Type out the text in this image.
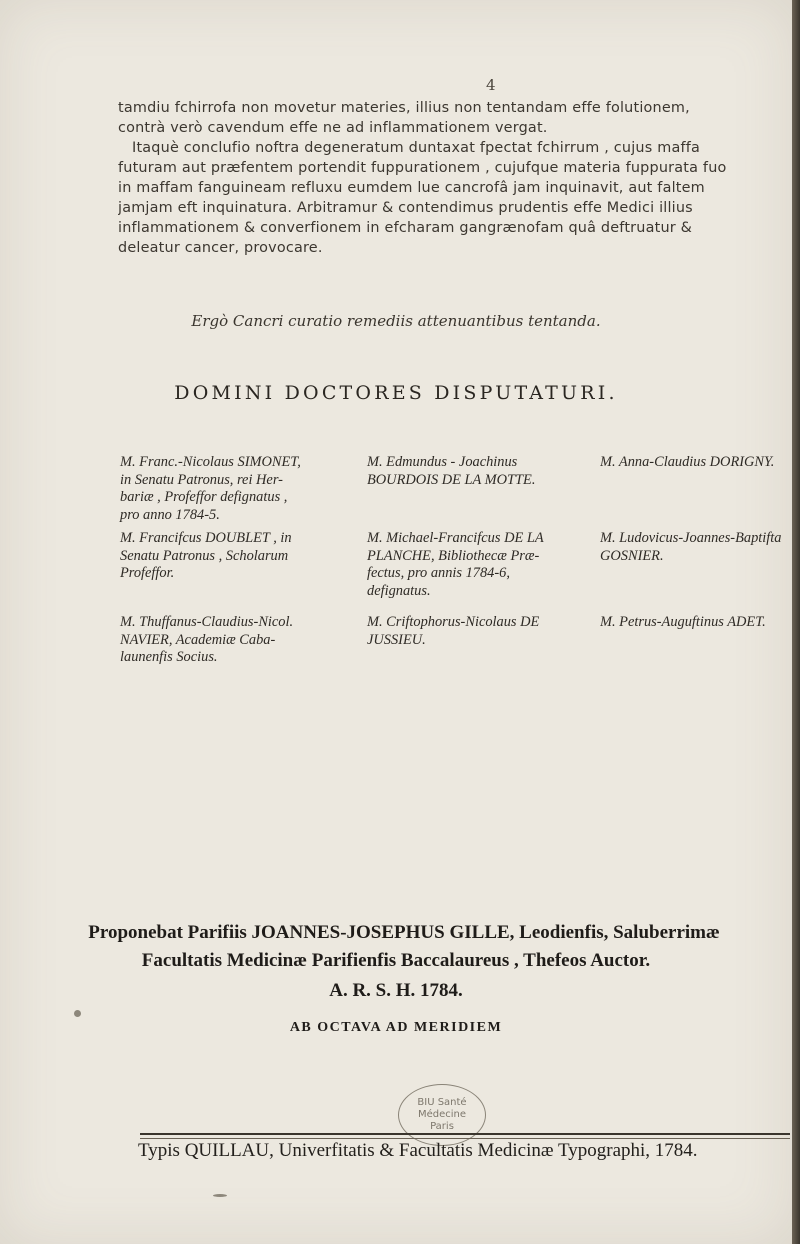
4
tamdiu fchirrofa non movetur materies, illius non tentandam effe folutionem,
contrà verò cavendum effe ne ad inflammationem vergat.
Itaquè conclufio noftra degeneratum duntaxat fpectat fchirrum , cujus maffa
futuram aut præfentem portendit fuppurationem , cujufque materia fuppurata fuo
in maffam fanguineam refluxu eumdem lue cancrofâ jam inquinavit, aut faltem
jamjam eft inquinatura. Arbitramur & contendimus prudentis effe Medici illius
inflammationem & converfionem in efcharam gangrænofam quâ deftruatur &
deleatur cancer, provocare.
Ergò Cancri curatio remediis attenuantibus tentanda.
DOMINI DOCTORES DISPUTATURI.
M. Franc.-Nicolaus SIMONET,
in Senatu Patronus, rei Her-
bariæ , Profeffor defignatus ,
pro anno 1784-5.
M. Francifcus DOUBLET , in
Senatu Patronus , Scholarum
Profeffor.
M. Thuffanus-Claudius-Nicol.
NAVIER, Academiæ Caba-
launenfis Socius.
M. Edmundus - Joachinus
BOURDOIS DE LA MOTTE.
M. Michael-Francifcus DE LA
PLANCHE, Bibliothecæ Præ-
fectus, pro annis 1784-6,
defignatus.
M. Criftophorus-Nicolaus DE
JUSSIEU.
M. Anna-Claudius DORIGNY.
M. Ludovicus-Joannes-Baptifta
GOSNIER.
M. Petrus-Auguftinus ADET.
Proponebat Parifiis JOANNES-JOSEPHUS GILLE, Leodienfis, Saluberrimæ
Facultatis Medicinæ Parifienfis Baccalaureus , Thefeos Auctor.
A. R. S. H. 1784.
AB OCTAVA AD MERIDIEM
BIU Santé
Médecine
Paris
Typis QUILLAU, Univerfitatis & Facultatis Medicinæ Typographi, 1784.
